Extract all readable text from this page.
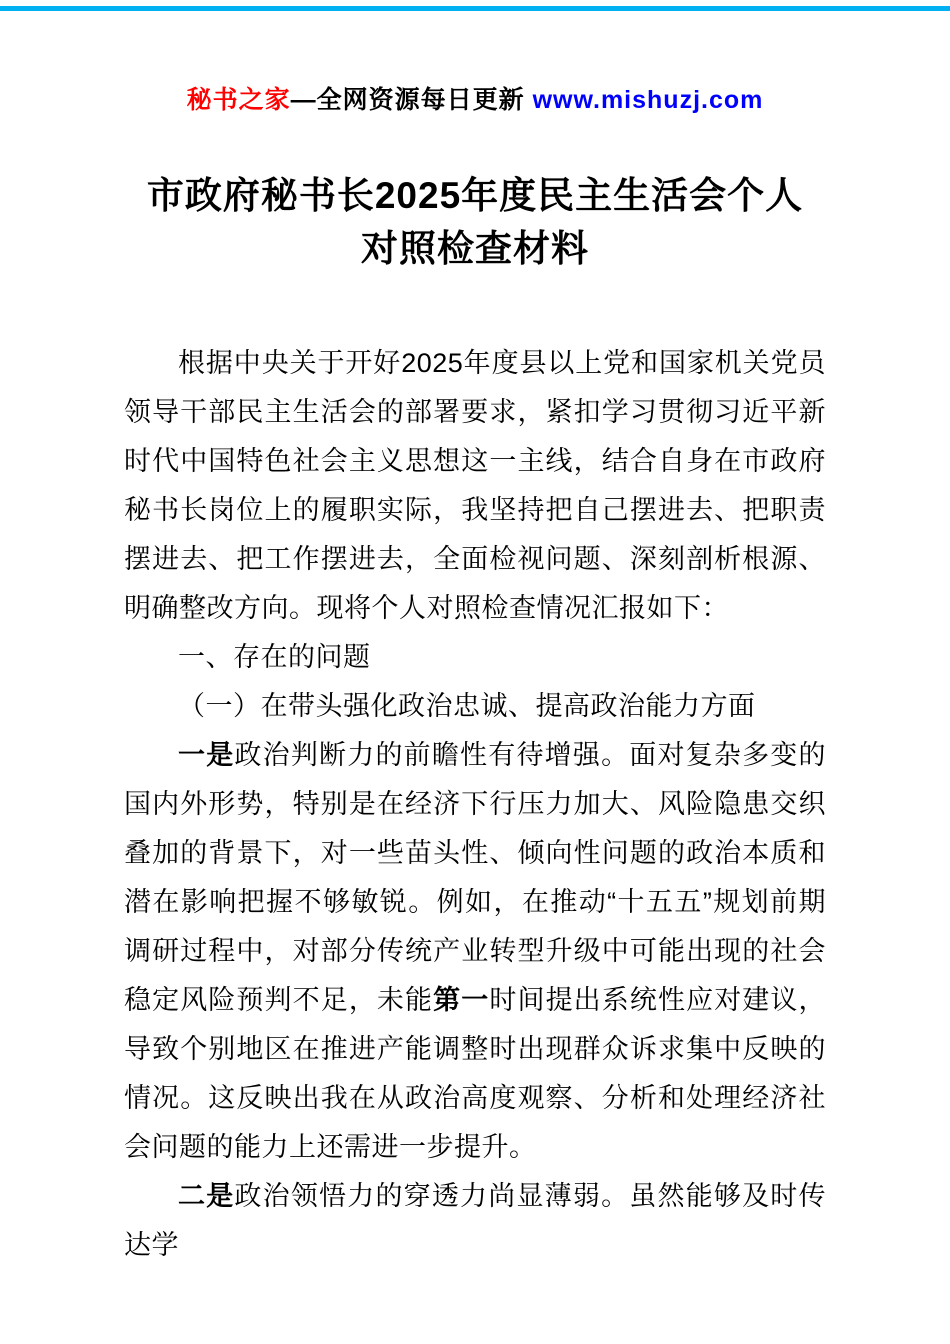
秘书之家—全网资源每日更新 www.mishuzj.com
市政府秘书长2025年度民主生活会个人对照检查材料

根据中央关于开好2025年度县以上党和国家机关党员领导干部民主生活会的部署要求，紧扣学习贯彻习近平新时代中国特色社会主义思想这一主线，结合自身在市政府秘书长岗位上的履职实际，我坚持把自己摆进去、把职责摆进去、把工作摆进去，全面检视问题、深刻剖析根源、明确整改方向。现将个人对照检查情况汇报如下：

一、存在的问题

（一）在带头强化政治忠诚、提高政治能力方面

一是政治判断力的前瞻性有待增强。面对复杂多变的国内外形势，特别是在经济下行压力加大、风险隐患交织叠加的背景下，对一些苗头性、倾向性问题的政治本质和潜在影响把握不够敏锐。例如，在推动“十五五”规划前期调研过程中，对部分传统产业转型升级中可能出现的社会稳定风险预判不足，未能第一时间提出系统性应对建议，导致个别地区在推进产能调整时出现群众诉求集中反映的情况。这反映出我在从政治高度观察、分析和处理经济社会问题的能力上还需进一步提升。

二是政治领悟力的穿透力尚显薄弱。虽然能够及时传达学
